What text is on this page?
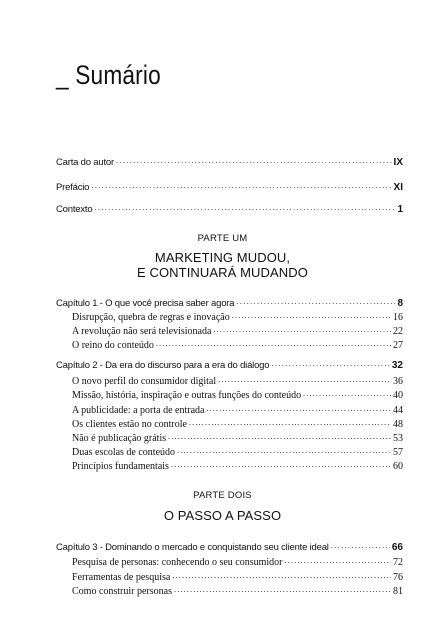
_ Sumário
Carta do autor .....	IX
Prefácio .....	XI
Contexto .....	1
PARTE UM
MARKETING MUDOU,
E CONTINUARÁ MUDANDO
Capítulo 1 - O que você precisa saber agora .....	8
Disrupção, quebra de regras e inovação .....	16
A revolução não será televisionada .....	22
O reino do conteúdo .....	27
Capítulo 2 - Da era do discurso para a era do diálogo .....	32
O novo perfil do consumidor digital .....	36
Missão, história, inspiração e outras funções do conteúdo .....	40
A publicidade: a porta de entrada .....	44
Os clientes estão no controle .....	48
Não é publicação grátis .....	53
Duas escolas de conteúdo .....	57
Princípios fundamentais .....	60
PARTE DOIS
O PASSO A PASSO
Capítulo 3 - Dominando o mercado e conquistando seu cliente ideal .....	66
Pesquisa de personas: conhecendo o seu consumidor .....	72
Ferramentas de pesquisa .....	76
Como construir personas .....	81
